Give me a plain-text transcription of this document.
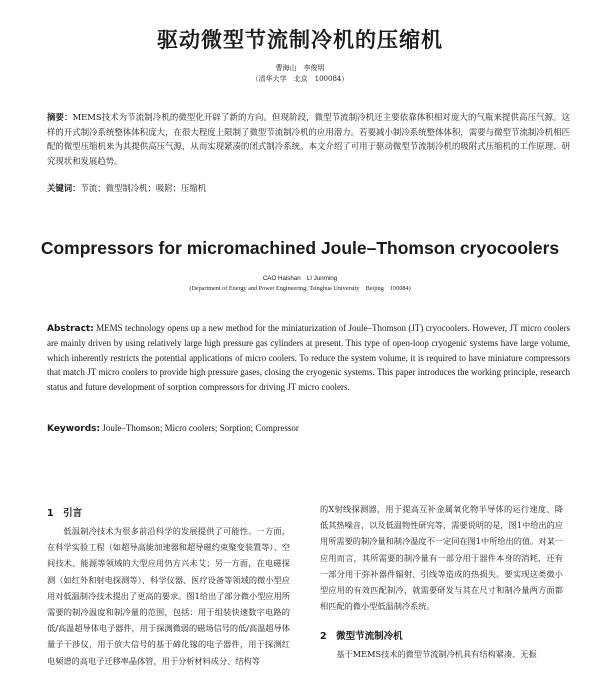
驱动微型节流制冷机的压缩机
曹海山　李俊明
（清华大学　北京　100084）

摘要：MEMS技术为节流制冷机的微型化开辟了新的方向。但现阶段，微型节流制冷机还主要依靠体积相对庞大的气瓶来提供高压气源。这样的开式制冷系统整体体积庞大，在很大程度上限制了微型节流制冷机的应用潜力。若要减小制冷系统整体体积，需要与微型节流制冷机相匹配的微型压缩机来为其提供高压气源，从而实现紧凑的闭式制冷系统。本文介绍了可用于驱动微型节流制冷机的吸附式压缩机的工作原理、研究现状和发展趋势。

关键词：节流；微型制冷机；吸附；压缩机

Compressors for micromachined Joule–Thomson cryocoolers
CAO Haishan　LI Junming
(Department of Energy and Power Engineering, Tsinghua University　Beijing　100084)

Abstract: MEMS technology opens up a new method for the miniaturization of Joule–Thomson (JT) cryocoolers. However, JT micro coolers are mainly driven by using relatively large high pressure gas cylinders at present. This type of open-loop cryogenic systems have large volume, which inherently restricts the potential applications of micro coolers. To reduce the system volume, it is required to have miniature compressors that match JT micro coolers to provide high pressure gases, closing the cryogenic systems. This paper introduces the working principle, research status and future development of sorption compressors for driving JT micro coolers.

Keywords: Joule–Thomson; Micro coolers; Sorption; Compressor

1　引言

低温制冷技术为很多前沿科学的发展提供了可能性。一方面，在科学实验工程（如超导高能加速器和超导磁约束聚变装置等）、空间技术、能源等领域的大型应用仍方兴未艾；另一方面，在电磁探测（如红外和射电探测等）、科学仪器、医疗设备等领域的微小型应用对低温制冷技术提出了更高的要求。图1给出了部分微小型应用所需要的制冷温度和制冷量的范围，包括：用于组装快速数字电路的低/高温超导体电子器件，用于探测微弱的磁场信号的低/高温超导体量子干涉仪，用于放大信号的基于碲化镓的电子器件，用于探测红电频谱的高电子迁移率晶体管，用于分析材料成分、结构等

的X射线探测器，用于提高互补金属氧化物半导体的运行速度、降低其热噪音，以及低温物性研究等，需要说明的是，图1中给出的应用所需要的制冷量和制冷温度不一定同在图1中所给出的值。对某一应用而言，其所需要的制冷量有一部分用于器件本身的消耗，还有一部分用于弥补器件辐射、引线等造成的热损失。要实现这类微小型应用的有效匹配制冷，就需要研发与其在尺寸和制冷量两方面都相匹配的微小型低温制冷系统。

2　微型节流制冷机

基于MEMS技术的微型节流制冷机具有结构紧凑、无振
